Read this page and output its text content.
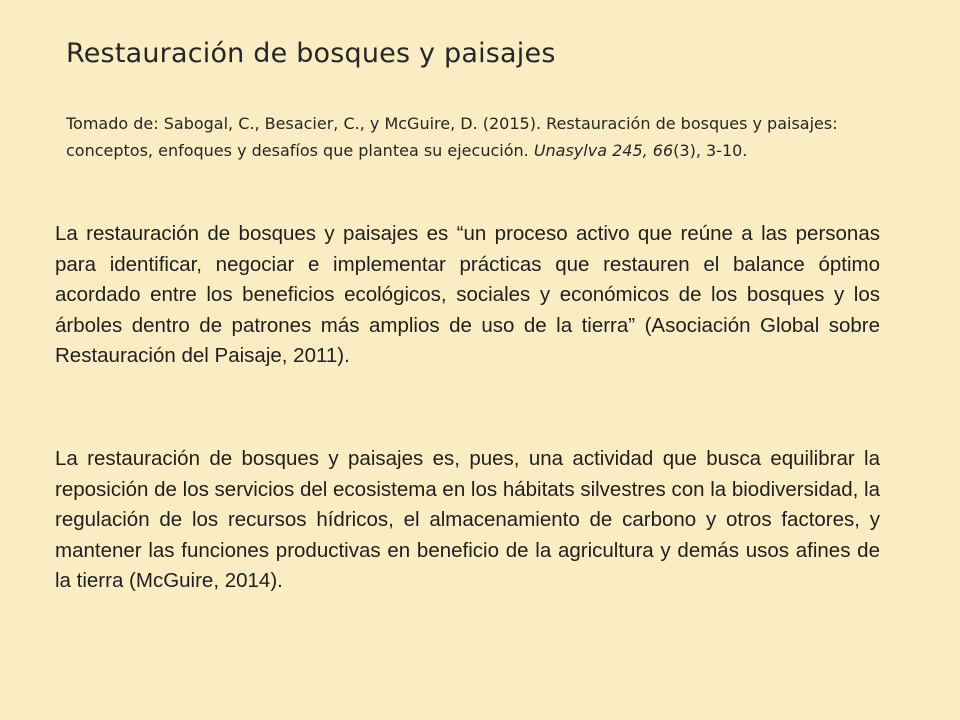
Restauración de bosques y paisajes

Tomado de: Sabogal, C., Besacier, C., y McGuire, D. (2015). Restauración de bosques y paisajes: conceptos, enfoques y desafíos que plantea su ejecución. Unasylva 245, 66(3), 3-10.

La restauración de bosques y paisajes es “un proceso activo que reúne a las personas para identificar, negociar e implementar prácticas que restauren el balance óptimo acordado entre los beneficios ecológicos, sociales y económicos de los bosques y los árboles dentro de patrones más amplios de uso de la tierra” (Asociación Global sobre Restauración del Paisaje, 2011).

La restauración de bosques y paisajes es, pues, una actividad que busca equilibrar la reposición de los servicios del ecosistema en los hábitats silvestres con la biodiversidad, la regulación de los recursos hídricos, el almacenamiento de carbono y otros factores, y mantener las funciones productivas en beneficio de la agricultura y demás usos afines de la tierra (McGuire, 2014).
